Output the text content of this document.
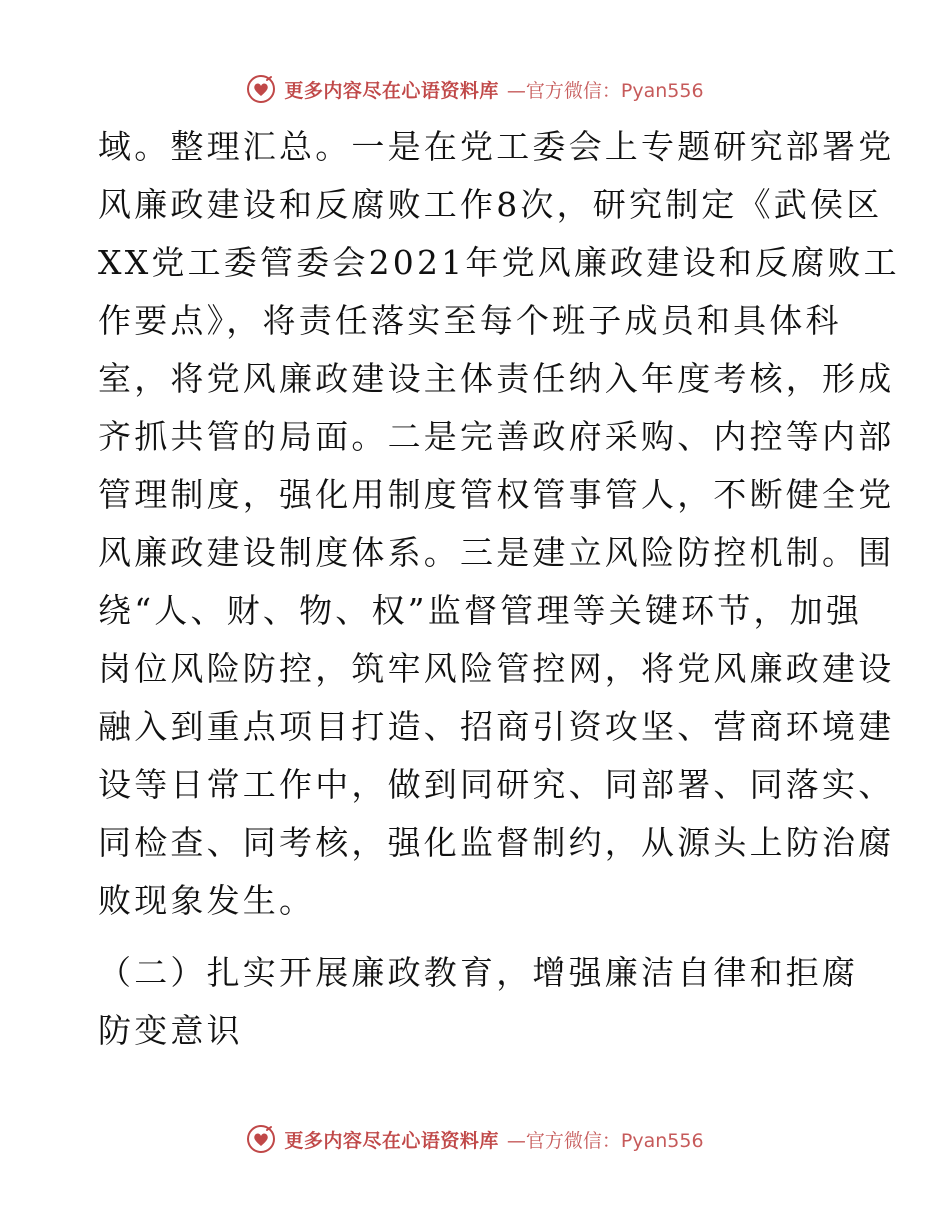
更多内容尽在心语资料库 —官方微信：Pyan556
域。整理汇总。一是在党工委会上专题研究部署党
风廉政建设和反腐败工作8次，研究制定《武侯区
XX党工委管委会2021年党风廉政建设和反腐败工
作要点》，将责任落实至每个班子成员和具体科
室，将党风廉政建设主体责任纳入年度考核，形成
齐抓共管的局面。二是完善政府采购、内控等内部
管理制度，强化用制度管权管事管人，不断健全党
风廉政建设制度体系。三是建立风险防控机制。围
绕“人、财、物、权”监督管理等关键环节，加强
岗位风险防控，筑牢风险管控网，将党风廉政建设
融入到重点项目打造、招商引资攻坚、营商环境建
设等日常工作中，做到同研究、同部署、同落实、
同检查、同考核，强化监督制约，从源头上防治腐
败现象发生。
（二）扎实开展廉政教育，增强廉洁自律和拒腐
防变意识
更多内容尽在心语资料库 —官方微信：Pyan556
